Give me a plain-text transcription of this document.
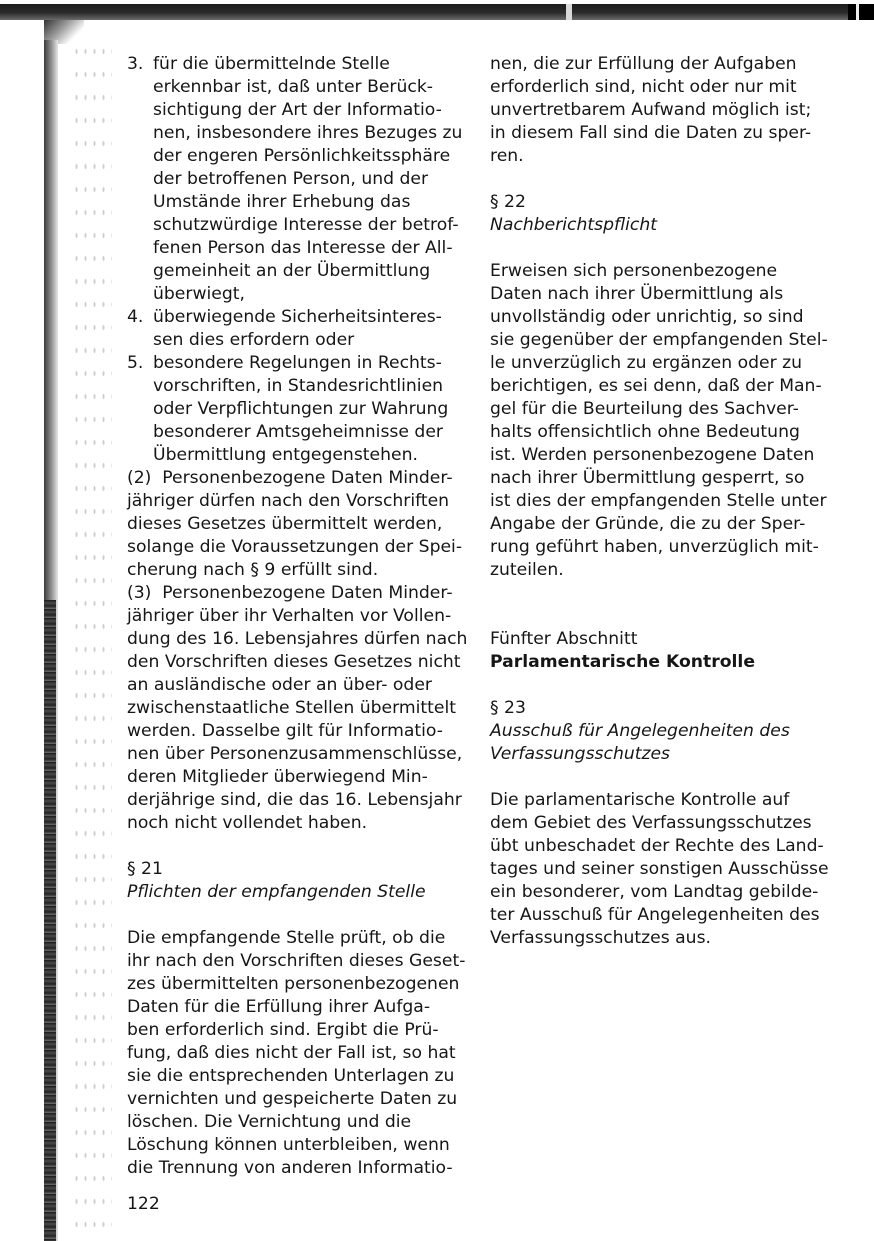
3. für die übermittelnde Stelle

erkennbar ist, daß unter Berück-

sichtigung der Art der Informatio-

nen, insbesondere ihres Bezuges zu

der engeren Persönlichkeitssphäre

der betroffenen Person, und der

Umstände ihrer Erhebung das

schutzwürdige Interesse der betrof-

fenen Person das Interesse der All-

gemeinheit an der Übermittlung

überwiegt,

4. überwiegende Sicherheitsinteres-

sen dies erfordern oder

5. besondere Regelungen in Rechts-

vorschriften, in Standesrichtlinien

oder Verpflichtungen zur Wahrung

besonderer Amtsgeheimnisse der

Übermittlung entgegenstehen.

(2)  Personenbezogene Daten Minder-

jähriger dürfen nach den Vorschriften

dieses Gesetzes übermittelt werden,

solange die Voraussetzungen der Spei-

cherung nach § 9 erfüllt sind.

(3)  Personenbezogene Daten Minder-

jähriger über ihr Verhalten vor Vollen-

dung des 16. Lebensjahres dürfen nach

den Vorschriften dieses Gesetzes nicht

an ausländische oder an über- oder

zwischenstaatliche Stellen übermittelt

werden. Dasselbe gilt für Informatio-

nen über Personenzusammenschlüsse,

deren Mitglieder überwiegend Min-

derjährige sind, die das 16. Lebensjahr

noch nicht vollendet haben.

§ 21

Pflichten der empfangenden Stelle

Die empfangende Stelle prüft, ob die

ihr nach den Vorschriften dieses Geset-

zes übermittelten personenbezogenen

Daten für die Erfüllung ihrer Aufga-

ben erforderlich sind. Ergibt die Prü-

fung, daß dies nicht der Fall ist, so hat

sie die entsprechenden Unterlagen zu

vernichten und gespeicherte Daten zu

löschen. Die Vernichtung und die

Löschung können unterbleiben, wenn

die Trennung von anderen Informatio-

nen, die zur Erfüllung der Aufgaben

erforderlich sind, nicht oder nur mit

unvertretbarem Aufwand möglich ist;

in diesem Fall sind die Daten zu sper-

ren.

§ 22

Nachberichtspflicht

Erweisen sich personenbezogene

Daten nach ihrer Übermittlung als

unvollständig oder unrichtig, so sind

sie gegenüber der empfangenden Stel-

le unverzüglich zu ergänzen oder zu

berichtigen, es sei denn, daß der Man-

gel für die Beurteilung des Sachver-

halts offensichtlich ohne Bedeutung

ist. Werden personenbezogene Daten

nach ihrer Übermittlung gesperrt, so

ist dies der empfangenden Stelle unter

Angabe der Gründe, die zu der Sper-

rung geführt haben, unverzüglich mit-

zuteilen.

Fünfter Abschnitt

Parlamentarische Kontrolle

§ 23

Ausschuß für Angelegenheiten des

Verfassungsschutzes

Die parlamentarische Kontrolle auf

dem Gebiet des Verfassungsschutzes

übt unbeschadet der Rechte des Land-

tages und seiner sonstigen Ausschüsse

ein besonderer, vom Landtag gebilde-

ter Ausschuß für Angelegenheiten des

Verfassungsschutzes aus.

122
